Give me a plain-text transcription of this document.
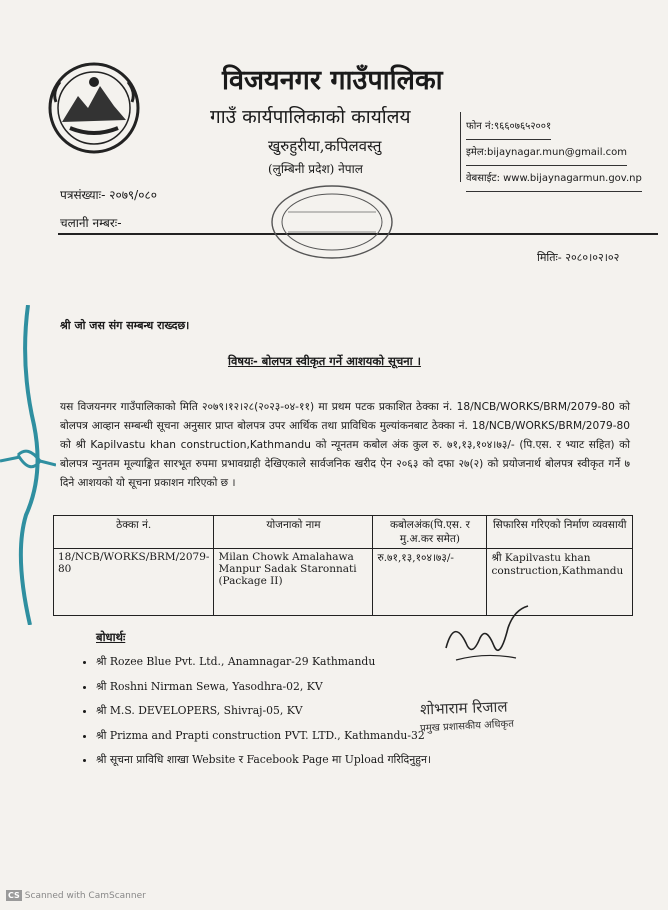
विजयनगर गाउँपालिका
गाउँ कार्यपालिकाको कार्यालय
खुरुहुरीया,कपिलवस्तु
(लुम्बिनी प्रदेश) नेपाल
फोन नं:९६६०७६५२००१
इमेल:bijaynagar.mun@gmail.com
वेबसाईट: www.bijaynagarmun.gov.np
पत्रसंख्याः- २०७९/०८०
चलानी नम्बरः-
मितिः- २०८०।०२।०२
श्री जो जस संग सम्बन्ध राख्दछ।
विषयः- बोलपत्र स्वीकृत गर्ने आशयको सूचना ।
यस विजयनगर गाउँपालिकाको मिति २०७९।१२।२८(२०२३-०४-११) मा प्रथम पटक प्रकाशित ठेक्का नं. 18/NCB/WORKS/BRM/2079-80 को बोलपत्र आव्हान सम्बन्धी सूचना अनुसार प्राप्त बोलपत्र उपर आर्थिक तथा प्राविधिक मुल्यांकनबाट ठेक्का नं. 18/NCB/WORKS/BRM/2079-80 को श्री Kapilvastu khan construction,Kathmandu को न्यूनतम कबोल अंक कुल रु. ७१,१३,१०४।७३/- (पि.एस. र भ्याट सहित) को बोलपत्र न्युनतम मूल्याङ्कित सारभूत रुपमा प्रभावग्राही देखिएकाले सार्वजनिक खरीद ऐन २०६३ को दफा २७(२) को प्रयोजनार्थ बोलपत्र स्वीकृत गर्ने ७ दिने आशयको यो सूचना प्रकाशन गरिएको छ ।
ठेक्का नं.	योजनाको नाम	कबोलअंक(पि.एस. र मु.अ.कर समेत)	सिफारिस गरिएको निर्माण व्यवसायी
18/NCB/WORKS/BRM/2079-80	Milan Chowk Amalahawa Manpur Sadak Staronnati (Package II)	रु.७१,१३,१०४।७३/-	श्री Kapilvastu khan construction,Kathmandu
बोधार्थः
• श्री Rozee Blue Pvt. Ltd., Anamnagar-29 Kathmandu
• श्री Roshni Nirman Sewa, Yasodhra-02, KV
• श्री M.S. DEVELOPERS, Shivraj-05, KV
• श्री Prizma and Prapti construction PVT. LTD., Kathmandu-32
• श्री सूचना प्राविधि शाखा Website र Facebook Page मा Upload गरिदिनुहुन।
शोभाराम रिजाल
प्रमुख प्रशासकीय अधिकृत
CS Scanned with CamScanner
